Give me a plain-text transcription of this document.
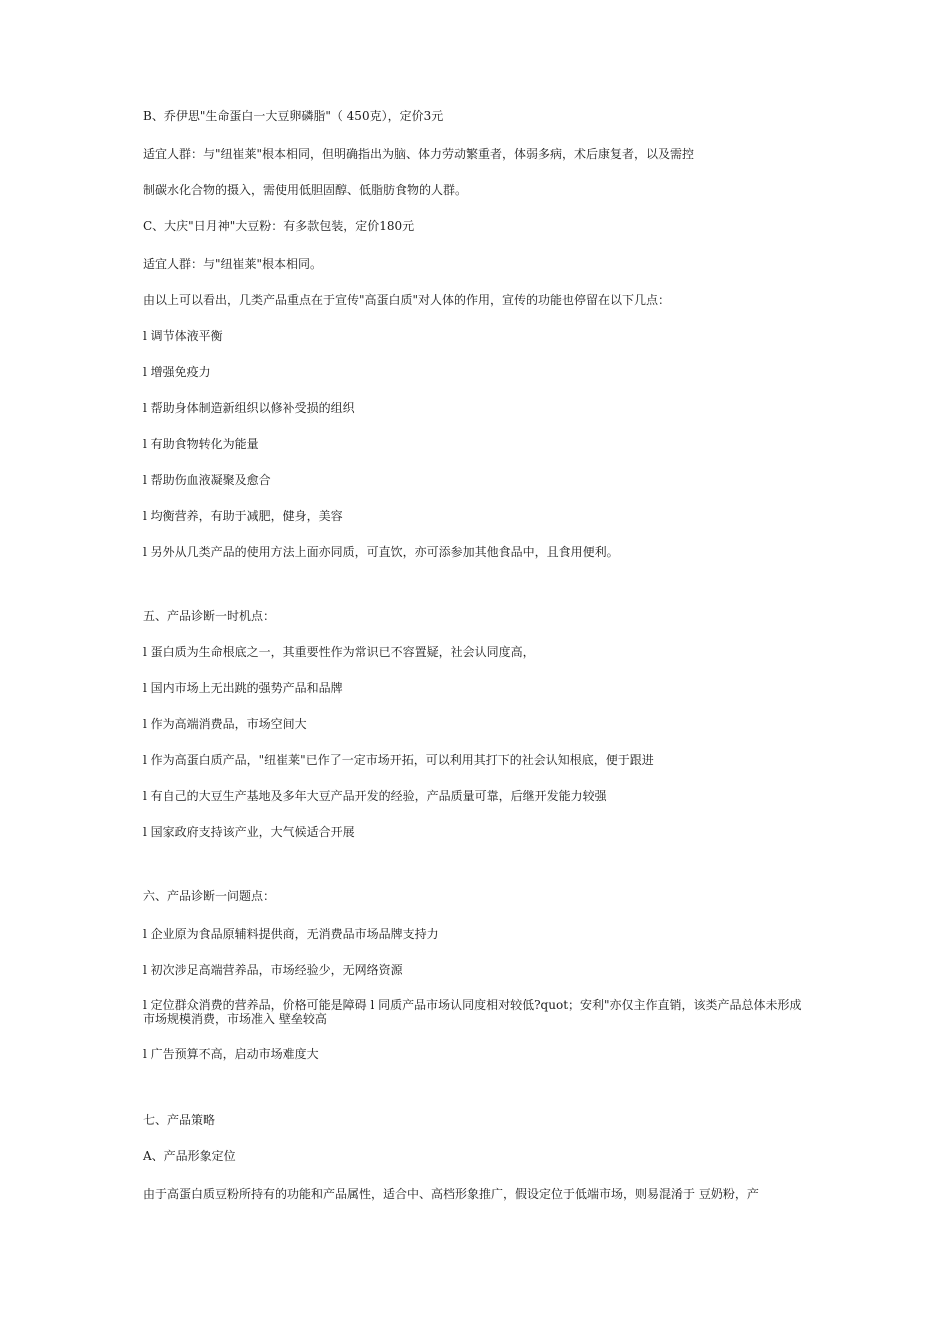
B、乔伊思"生命蛋白一大豆卵磷脂"（ 450克），定价3元

适宜人群：与"纽崔莱"根本相同，但明确指出为脑、体力劳动繁重者，体弱多病，术后康复者，以及需控

制碳水化合物的摄入，需使用低胆固醇、低脂肪食物的人群。

C、大庆"日月神"大豆粉：有多款包装，定价180元

适宜人群：与"纽崔莱"根本相同。

由以上可以看出，几类产品重点在于宣传"高蛋白质"对人体的作用，宣传的功能也停留在以下几点：

l 调节体液平衡

l 增强免疫力

l 帮助身体制造新组织以修补受损的组织

l 有助食物转化为能量

l 帮助伤血液凝聚及愈合

l 均衡营养，有助于减肥，健身，美容

l 另外从几类产品的使用方法上面亦同质，可直饮，亦可添参加其他食品中，且食用便利。

五、产品诊断一时机点：

l 蛋白质为生命根底之一，其重要性作为常识已不容置疑，社会认同度高，

l 国内市场上无出跳的强势产品和品牌

l 作为高端消费品，市场空间大

l 作为高蛋白质产品，"纽崔莱"已作了一定市场开拓，可以利用其打下的社会认知根底，便于跟进

l 有自己的大豆生产基地及多年大豆产品开发的经验，产品质量可靠，后继开发能力较强

l 国家政府支持该产业，大气候适合开展

六、产品诊断一问题点：

l 企业原为食品原辅料提供商，无消费品市场品牌支持力

l 初次涉足高端营养品，市场经验少，无网络资源

l 定位群众消费的营养品，价格可能是障碍 l 同质产品市场认同度相对较低?quot；安利"亦仅主作直销，该类产品总体未形成市场规模消费，市场准入 壁垒较高

l 广告预算不高，启动市场难度大

七、产品策略

A、产品形象定位

由于高蛋白质豆粉所持有的功能和产品属性，适合中、高档形象推广，假设定位于低端市场，则易混淆于 豆奶粉，产
